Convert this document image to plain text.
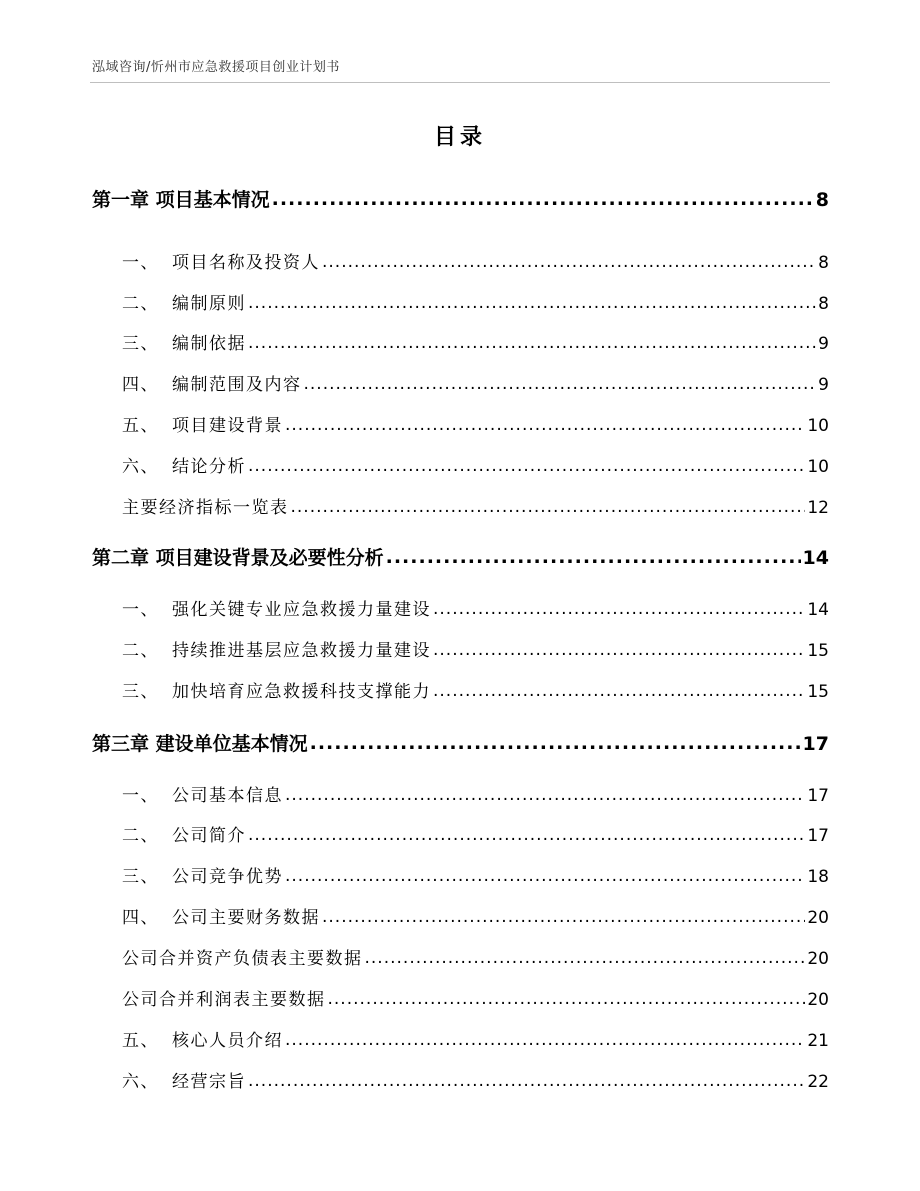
泓域咨询/忻州市应急救援项目创业计划书
目录
第一章 项目基本情况 .....	8
一、 项目名称及投资人 .....	8
二、 编制原则 .....	8
三、 编制依据 .....	9
四、 编制范围及内容 .....	9
五、 项目建设背景 .....	10
六、 结论分析 .....	10
主要经济指标一览表 .....	12
第二章 项目建设背景及必要性分析 .....	14
一、 强化关键专业应急救援力量建设 .....	14
二、 持续推进基层应急救援力量建设 .....	15
三、 加快培育应急救援科技支撑能力 .....	15
第三章 建设单位基本情况 .....	17
一、 公司基本信息 .....	17
二、 公司简介 .....	17
三、 公司竞争优势 .....	18
四、 公司主要财务数据 .....	20
公司合并资产负债表主要数据 .....	20
公司合并利润表主要数据 .....	20
五、 核心人员介绍 .....	21
六、 经营宗旨 .....	22
